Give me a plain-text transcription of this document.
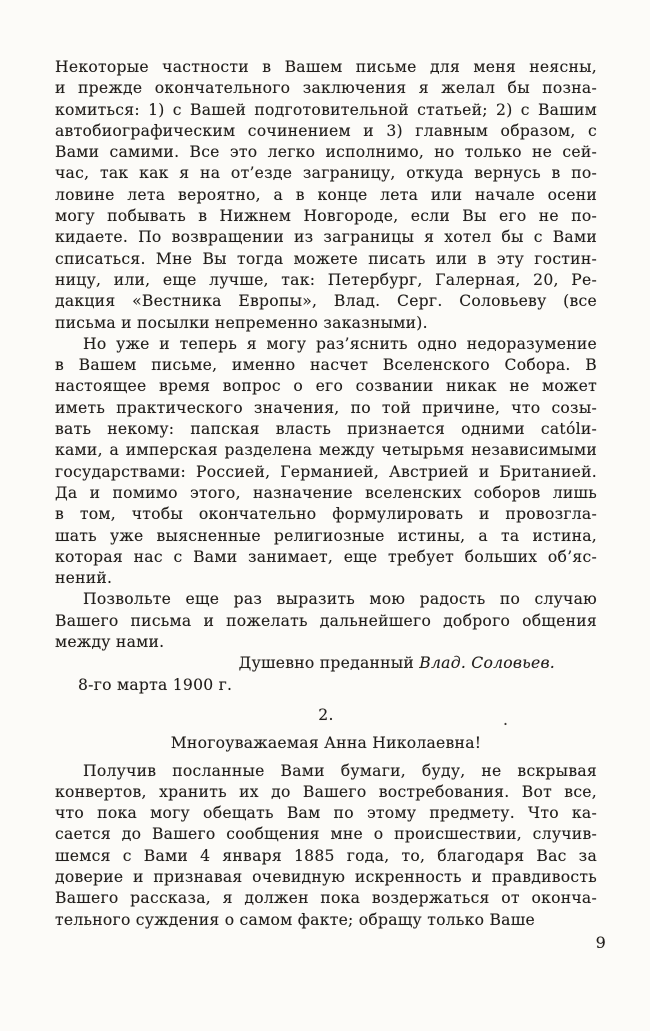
Некоторые частности в Вашем письме для меня неясны,
и прежде окончательного заключения я желал бы позна-
комиться: 1) с Вашей подготовительной статьей; 2) с Вашим
автобиографическим сочинением и 3) главным образом, с
Вами самими. Все это легко исполнимо, но только не сей-
час, так как я на от’езде заграницу, откуда вернусь в по-
ловине лета вероятно, а в конце лета или начале осени
могу побывать в Нижнем Новгороде, если Вы его не по-
кидаете. По возвращении из заграницы я хотел бы с Вами
списаться. Мне Вы тогда можете писать или в эту гостин-
ницу, или, еще лучше, так: Петербург, Галерная, 20, Ре-
дакция «Вестника Европы», Влад. Серг. Соловьеву (все
письма и посылки непременно заказными).
Но уже и теперь я могу раз’яснить одно недоразумение
в Вашем письме, именно насчет Вселенского Собора. В
настоящее время вопрос о его созвании никак не может
иметь практического значения, по той причине, что созы-
вать некому: папская власть признается одними católи-
ками, а имперская разделена между четырьмя независимыми
государствами: Россией, Германией, Австрией и Британией.
Да и помимо этого, назначение вселенских соборов лишь
в том, чтобы окончательно формулировать и провозгла-
шать уже выясненные религиозные истины, а та истина,
которая нас с Вами занимает, еще требует больших об’яс-
нений.
Позвольте еще раз выразить мою радость по случаю
Вашего письма и пожелать дальнейшего доброго общения
между нами.
Душевно преданный Влад. Соловьев.
8-го марта 1900 г.
2.	.
Многоуважаемая Анна Николаевна!
Получив посланные Вами бумаги, буду, не вскрывая
конвертов, хранить их до Вашего востребования. Вот все,
что пока могу обещать Вам по этому предмету. Что ка-
сается до Вашего сообщения мне о происшествии, случив-
шемся с Вами 4 января 1885 года, то, благодаря Вас за
доверие и признавая очевидную искренность и правдивость
Вашего рассказа, я должен пока воздержаться от оконча-
тельного суждения о самом факте; обращу только Ваше
9
